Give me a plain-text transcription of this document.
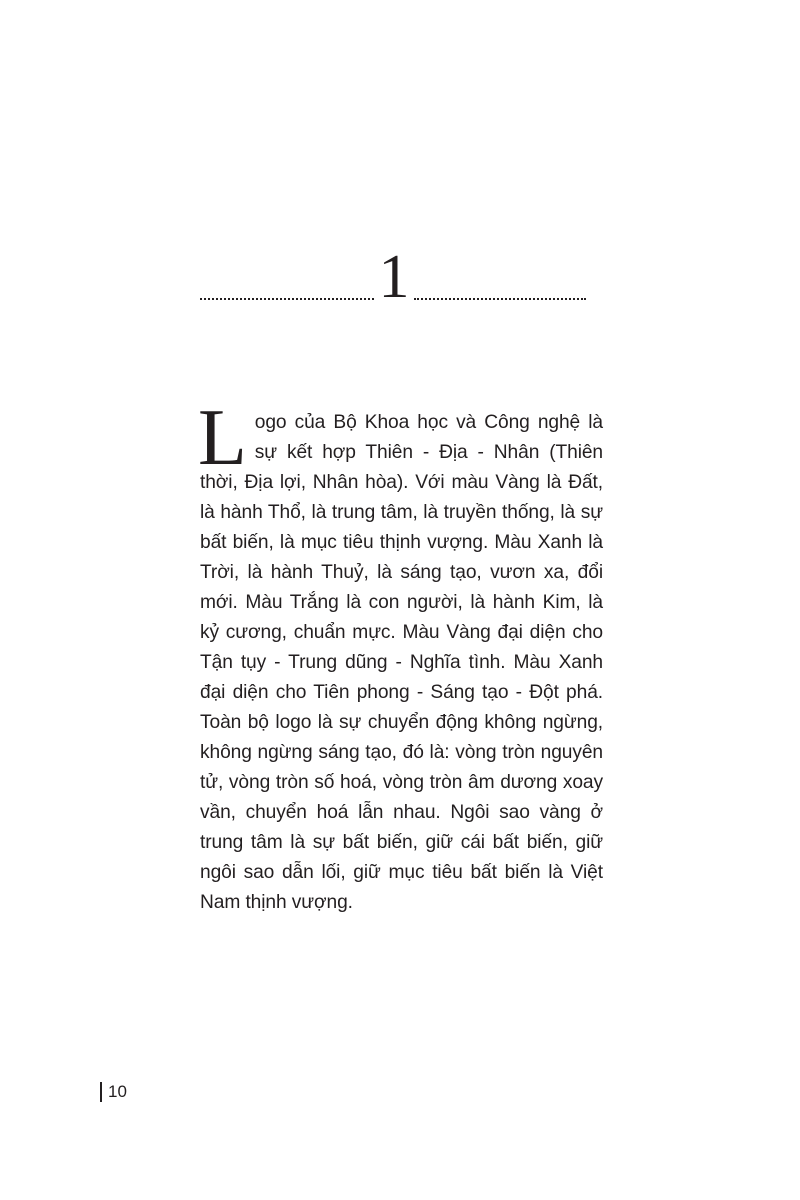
1
L ogo của Bộ Khoa học và Công nghệ là sự kết hợp Thiên - Địa - Nhân (Thiên thời, Địa lợi, Nhân hòa). Với màu Vàng là Đất, là hành Thổ, là trung tâm, là truyền thống, là sự bất biến, là mục tiêu thịnh vượng. Màu Xanh là Trời, là hành Thuỷ, là sáng tạo, vươn xa, đổi mới. Màu Trắng là con người, là hành Kim, là kỷ cương, chuẩn mực. Màu Vàng đại diện cho Tận tụy - Trung dũng - Nghĩa tình. Màu Xanh đại diện cho Tiên phong - Sáng tạo - Đột phá. Toàn bộ logo là sự chuyển động không ngừng, không ngừng sáng tạo, đó là: vòng tròn nguyên tử, vòng tròn số hoá, vòng tròn âm dương xoay vần, chuyển hoá lẫn nhau. Ngôi sao vàng ở trung tâm là sự bất biến, giữ cái bất biến, giữ ngôi sao dẫn lối, giữ mục tiêu bất biến là Việt Nam thịnh vượng.
10
